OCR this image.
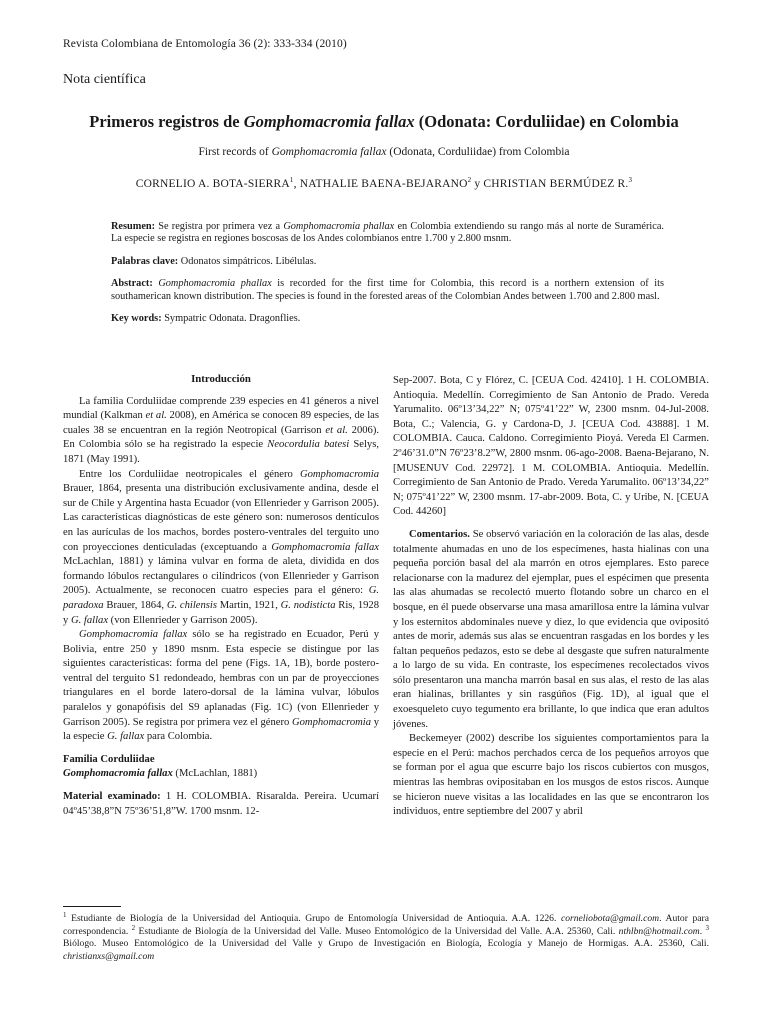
Revista Colombiana de Entomología 36 (2): 333-334 (2010)
Nota científica
Primeros registros de Gomphomacromia fallax (Odonata: Corduliidae) en Colombia
First records of Gomphomacromia fallax (Odonata, Corduliidae) from Colombia
CORNELIO A. BOTA-SIERRA$^1$, NATHALIE BAENA-BEJARANO$^2$ y CHRISTIAN BERMÚDEZ R.$^3$

Resumen: Se registra por primera vez a Gomphomacromia phallax en Colombia extendiendo su rango más al norte de Suramérica. La especie se registra en regiones boscosas de los Andes colombianos entre 1.700 y 2.800 msnm.

Palabras clave: Odonatos simpátricos. Libélulas.

Abstract: Gomphomacromia phallax is recorded for the first time for Colombia, this record is a northern extension of its southamerican known distribution. The species is found in the forested areas of the Colombian Andes between 1.700 and 2.800 masl.

Key words: Sympatric Odonata. Dragonflies.

Introducción

La familia Corduliidae comprende 239 especies en 41 géneros a nivel mundial (Kalkman et al. 2008), en América se conocen 89 especies, de las cuales 38 se encuentran en la región Neotropical (Garrison et al. 2006). En Colombia sólo se ha registrado la especie Neocordulia batesi Selys, 1871 (May 1991).

Entre los Corduliidae neotropicales el género Gomphomacromia Brauer, 1864, presenta una distribución exclusivamente andina, desde el sur de Chile y Argentina hasta Ecuador (von Ellenrieder y Garrison 2005). Las características diagnósticas de este género son: numerosos dentículos en las aurículas de los machos, bordes postero-ventrales del terguito uno con proyecciones denticuladas (exceptuando a Gomphomacromia fallax McLachlan, 1881) y lámina vulvar en forma de aleta, dividida en dos formando lóbulos rectangulares o cilíndricos (von Ellenrieder y Garrison 2005). Actualmente, se reconocen cuatro especies para el género: G. paradoxa Brauer, 1864, G. chilensis Martin, 1921, G. nodisticta Ris, 1928 y G. fallax (von Ellenrieder y Garrison 2005).

Gomphomacromia fallax sólo se ha registrado en Ecuador, Perú y Bolivia, entre 250 y 1890 msnm. Esta especie se distingue por las siguientes características: forma del pene (Figs. 1A, 1B), borde postero-ventral del terguito S1 redondeado, hembras con un par de proyecciones triangulares en el borde latero-dorsal de la lámina vulvar, lóbulos paralelos y gonapófisis del S9 aplanadas (Fig. 1C) (von Ellenrieder y Garrison 2005). Se registra por primera vez el género Gomphomacromia y la especie G. fallax para Colombia.

Familia Corduliidae

Gomphomacromia fallax (McLachlan, 1881)

Material examinado: 1 H. COLOMBIA. Risaralda. Pereira. Ucumarí 04º45’38,8”N 75º36’51,8”W. 1700 msnm. 12-

Sep-2007. Bota, C y Flórez, C. [CEUA Cod. 42410]. 1 H. COLOMBIA. Antioquia. Medellín. Corregimiento de San Antonio de Prado. Vereda Yarumalito. 06º13’34,22” N; 075º41’22” W, 2300 msnm. 04-Jul-2008. Bota, C.; Valencia, G. y Cardona-D, J. [CEUA Cod. 43888]. 1 M. COLOMBIA. Cauca. Caldono. Corregimiento Pioyá. Vereda El Carmen. 2º46’31.0”N 76º23’8.2”W, 2800 msnm. 06-ago-2008. Baena-Bejarano, N. [MUSENUV Cod. 22972]. 1 M. COLOMBIA. Antioquia. Medellín. Corregimiento de San Antonio de Prado. Vereda Yarumalito. 06º13’34,22” N; 075º41’22” W, 2300 msnm. 17-abr-2009. Bota, C. y Uribe, N. [CEUA Cod. 44260]

Comentarios. Se observó variación en la coloración de las alas, desde totalmente ahumadas en uno de los especímenes, hasta hialinas con una pequeña porción basal del ala marrón en otros ejemplares. Esto parece relacionarse con la madurez del ejemplar, pues el espécimen que presenta las alas ahumadas se recolectó muerto flotando sobre un charco en el bosque, en él puede observarse una masa amarillosa entre la lámina vulvar y los esternitos abdominales nueve y diez, lo que evidencia que ovipositó antes de morir, además sus alas se encuentran rasgadas en los bordes y les faltan pequeños pedazos, esto se debe al desgaste que sufren naturalmente a lo largo de su vida. En contraste, los especímenes recolectados vivos sólo presentaron una mancha marrón basal en sus alas, el resto de las alas eran hialinas, brillantes y sin rasgúños (Fig. 1D), al igual que el exoesqueleto cuyo tegumento era brillante, lo que indica que eran adultos jóvenes.

Beckemeyer (2002) describe los siguientes comportamientos para la especie en el Perú: machos perchados cerca de los pequeños arroyos que se forman por el agua que escurre bajo los riscos cubiertos con musgos, mientras las hembras ovipositaban en los musgos de estos riscos. Aunque se hicieron nueve visitas a las localidades en las que se encontraron los individuos, entre septiembre del 2007 y abril

$^1$ Estudiante de Biología de la Universidad del Antioquia. Grupo de Entomología Universidad de Antioquia. A.A. 1226. corneliobota@gmail.com. Autor para correspondencia. $^2$ Estudiante de Biología de la Universidad del Valle. Museo Entomológico de la Universidad del Valle. A.A. 25360, Cali. nthlbn@hotmail.com. $^3$ Biólogo. Museo Entomológico de la Universidad del Valle y Grupo de Investigación en Biología, Ecología y Manejo de Hormigas. A.A. 25360, Cali. christianxs@gmail.com
